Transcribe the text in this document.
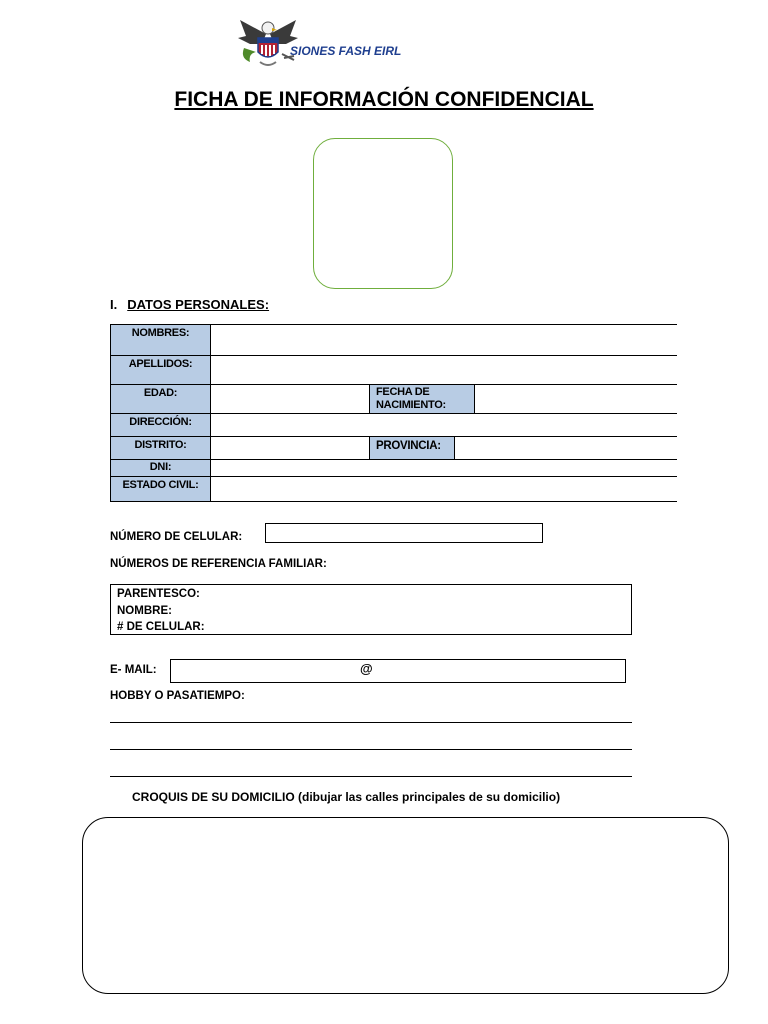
SIONES FASH EIRL
FICHA DE INFORMACIÓN CONFIDENCIAL
I. DATOS PERSONALES:
NOMBRES:
APELLIDOS:
EDAD:	FECHA DE
NACIMIENTO:
DIRECCIÓN:
DISTRITO:	PROVINCIA:
DNI:
ESTADO CIVIL:
NÚMERO DE CELULAR:
NÚMEROS DE REFERENCIA FAMILIAR:
PARENTESCO:
NOMBRE:
# DE CELULAR:
E- MAIL:	@
HOBBY O PASATIEMPO:
CROQUIS DE SU DOMICILIO (dibujar las calles principales de su domicilio)
